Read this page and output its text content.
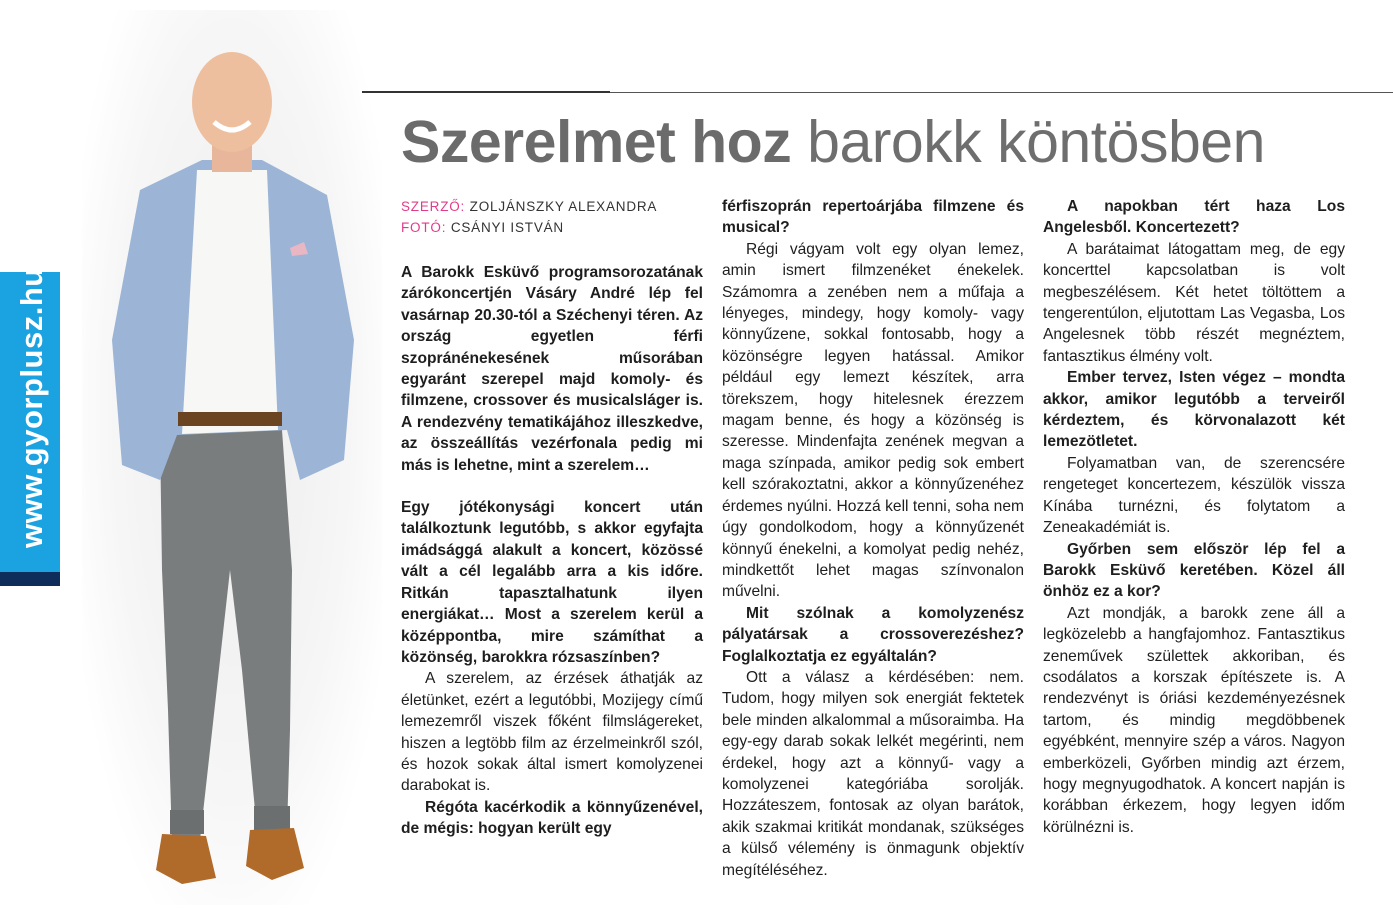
www.gyorplusz.hu
Szerelmet hoz barokk köntösben
SZERZŐ: ZOLJÁNSZKY ALEXANDRA
FOTÓ: CSÁNYI ISTVÁN

A Barokk Esküvő programsorozatának zárókoncertjén Vásáry André lép fel vasárnap 20.30-tól a Széchenyi téren. Az ország egyetlen férfi szopránénekesének műsorában egyaránt szerepel majd komoly- és filmzene, crossover és musicalsláger is. A rendezvény tematikájához illeszkedve, az összeállítás vezérfonala pedig mi más is lehetne, mint a szerelem…

Egy jótékonysági koncert után találkoztunk legutóbb, s akkor egyfajta imádsággá alakult a koncert, közössé vált a cél legalább arra a kis időre. Ritkán tapasztalhatunk ilyen energiákat… Most a szerelem kerül a középpontba, mire számíthat a közönség, barokkra rózsaszínben?

A szerelem, az érzések áthatják az életünket, ezért a legutóbbi, Mozijegy című lemezemről viszek főként filmslágereket, hiszen a legtöbb film az érzelmeinkről szól, és hozok sokak által ismert komolyzenei darabokat is.

Régóta kacérkodik a könnyűzenével, de mégis: hogyan került egy

férfiszoprán repertoárjába filmzene és musical?

Régi vágyam volt egy olyan lemez, amin ismert filmzenéket énekelek. Számomra a zenében nem a műfaja a lényeges, mindegy, hogy komoly- vagy könnyűzene, sokkal fontosabb, hogy a közönségre legyen hatással. Amikor például egy lemezt készítek, arra törekszem, hogy hitelesnek érezzem magam benne, és hogy a közönség is szeresse. Mindenfajta zenének megvan a maga színpada, amikor pedig sok embert kell szórakoztatni, akkor a könnyűzenéhez érdemes nyúlni. Hozzá kell tenni, soha nem úgy gondolkodom, hogy a könnyűzenét könnyű énekelni, a komolyat pedig nehéz, mindkettőt lehet magas színvonalon művelni.

Mit szólnak a komolyzenész pályatársak a crossoverezéshez? Foglalkoztatja ez egyáltalán?

Ott a válasz a kérdésében: nem. Tudom, hogy milyen sok energiát fektetek bele minden alkalommal a műsoraimba. Ha egy-egy darab sokak lelkét megérinti, nem érdekel, hogy azt a könnyű- vagy a komolyzenei kategóriába sorolják. Hozzáteszem, fontosak az olyan barátok, akik szakmai kritikát mondanak, szükséges a külső vélemény is önmagunk objektív megítéléséhez.

A napokban tért haza Los Angelesből. Koncertezett?

A barátaimat látogattam meg, de egy koncerttel kapcsolatban is volt megbeszélésem. Két hetet töltöttem a tengerentúlon, eljutottam Las Vegasba, Los Angelesnek több részét megnéztem, fantasztikus élmény volt.

Ember tervez, Isten végez – mondta akkor, amikor legutóbb a terveiről kérdeztem, és körvonalazott két lemezötletet.

Folyamatban van, de szerencsére rengeteget koncertezem, készülök vissza Kínába turnézni, és folytatom a Zeneakadémiát is.

Győrben sem először lép fel a Barokk Esküvő keretében. Közel áll önhöz ez a kor?

Azt mondják, a barokk zene áll a legközelebb a hangfajomhoz. Fantasztikus zeneművek születtek akkoriban, és csodálatos a korszak építészete is. A rendezvényt is óriási kezdeményezésnek tartom, és mindig megdöbbenek egyébként, mennyire szép a város. Nagyon emberközeli, Győrben mindig azt érzem, hogy megnyugodhatok. A koncert napján is korábban érkezem, hogy legyen időm körülnézni is.
